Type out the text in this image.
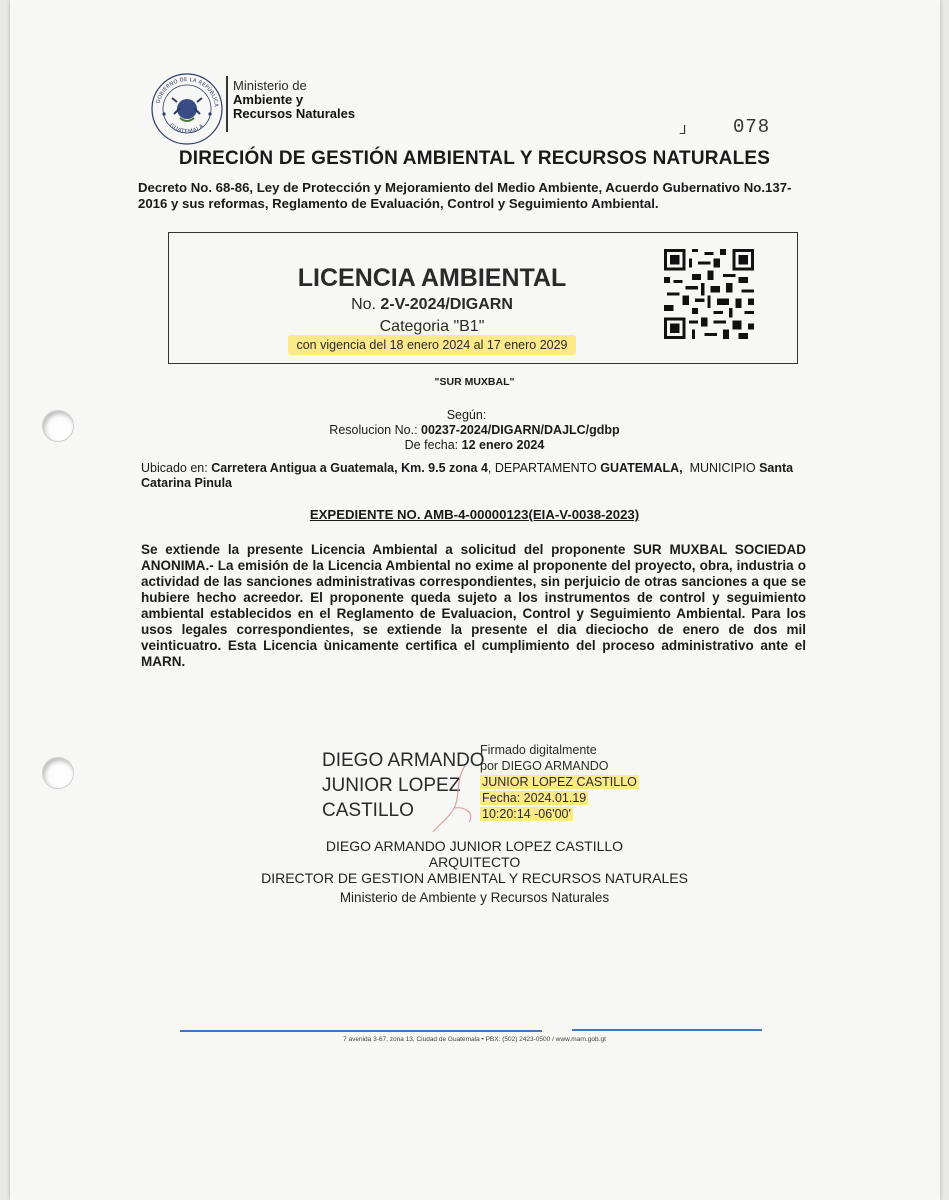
GOBIERNO DE LA REPÚBLICA
GUATEMALA
Ministerio de
Ambiente y
Recursos Naturales
ᒧ 078
DIRECIÓN DE GESTIÓN AMBIENTAL Y RECURSOS NATURALES
Decreto No. 68-86, Ley de Protección y Mejoramiento del Medio Ambiente, Acuerdo Gubernativo No.137-2016 y sus reformas, Reglamento de Evaluación, Control y Seguimiento Ambiental.
LICENCIA AMBIENTAL
No. 2-V-2024/DIGARN
Categoria "B1"
con vigencia del 18 enero 2024 al 17 enero 2029
"SUR MUXBAL"
Según:
Resolucion No.: 00237-2024/DIGARN/DAJLC/gdbp
De fecha: 12 enero 2024
Ubicado en: Carretera Antigua a Guatemala, Km. 9.5 zona 4, DEPARTAMENTO GUATEMALA, MUNICIPIO Santa Catarina Pinula
EXPEDIENTE NO. AMB-4-00000123(EIA-V-0038-2023)
Se extiende la presente Licencia Ambiental a solicitud del proponente SUR MUXBAL SOCIEDAD ANONIMA.- La emisión de la Licencia Ambiental no exime al proponente del proyecto, obra, industria o actividad de las sanciones administrativas correspondientes, sin perjuicio de otras sanciones a que se hubiere hecho acreedor. El proponente queda sujeto a los instrumentos de control y seguimiento ambiental establecidos en el Reglamento de Evaluacion, Control y Seguimiento Ambiental. Para los usos legales correspondientes, se extiende la presente el dia dieciocho de enero de dos mil veinticuatro. Esta Licencia ùnicamente certifica el cumplimiento del proceso administrativo ante el MARN.
DIEGO ARMANDO
JUNIOR LOPEZ
CASTILLO
Firmado digitalmente
por DIEGO ARMANDO
JUNIOR LOPEZ CASTILLO
Fecha: 2024.01.19
10:20:14 -06'00'
DIEGO ARMANDO JUNIOR LOPEZ CASTILLO
ARQUITECTO
DIRECTOR DE GESTION AMBIENTAL Y RECURSOS NATURALES
Ministerio de Ambiente y Recursos Naturales
7 avenida 3-67, zona 13, Ciudad de Guatemala • PBX: (502) 2423-0500 / www.marn.gob.gt
